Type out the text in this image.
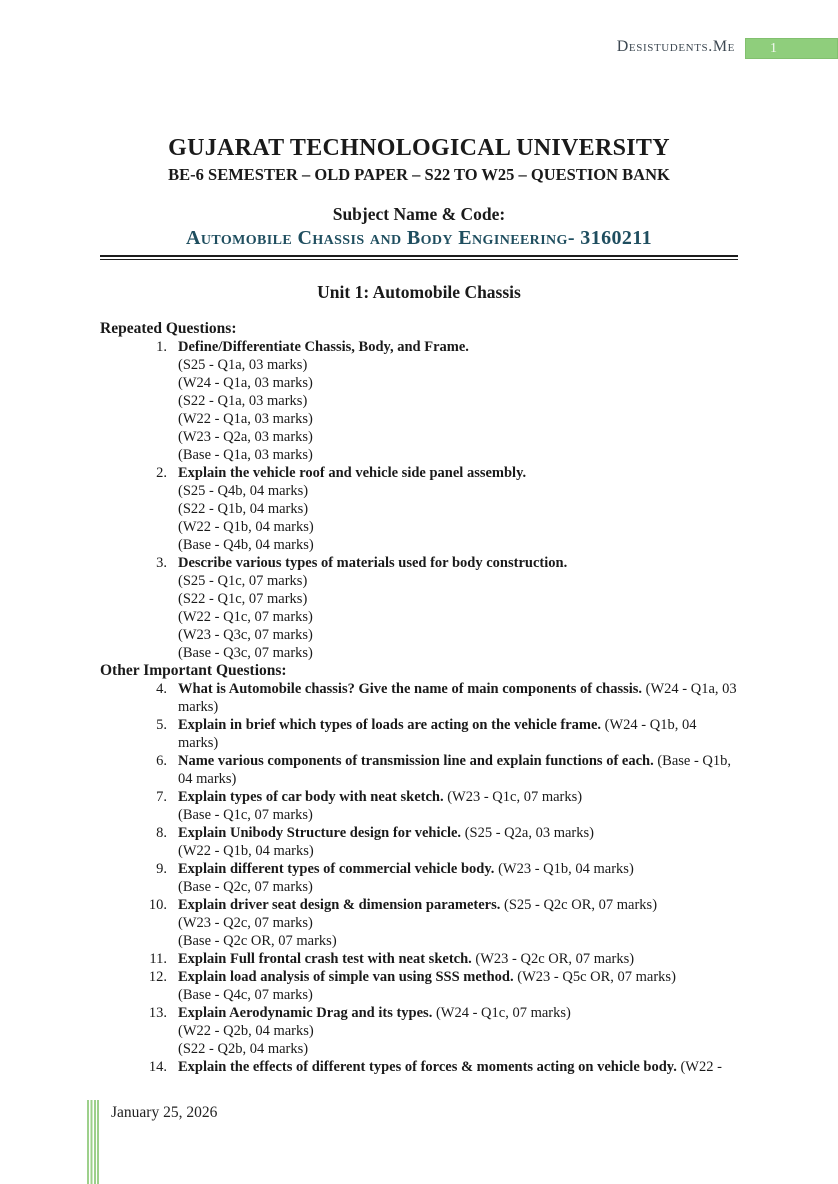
Desistudents.Me	1
GUJARAT TECHNOLOGICAL UNIVERSITY
BE-6 SEMESTER – OLD PAPER – S22 TO W25 – QUESTION BANK
Subject Name & Code:
Automobile Chassis and Body Engineering- 3160211
Unit 1: Automobile Chassis
Repeated Questions:
1. Define/Differentiate Chassis, Body, and Frame.
(S25 - Q1a, 03 marks)
(W24 - Q1a, 03 marks)
(S22 - Q1a, 03 marks)
(W22 - Q1a, 03 marks)
(W23 - Q2a, 03 marks)
(Base - Q1a, 03 marks)
2. Explain the vehicle roof and vehicle side panel assembly.
(S25 - Q4b, 04 marks)
(S22 - Q1b, 04 marks)
(W22 - Q1b, 04 marks)
(Base - Q4b, 04 marks)
3. Describe various types of materials used for body construction.
(S25 - Q1c, 07 marks)
(S22 - Q1c, 07 marks)
(W22 - Q1c, 07 marks)
(W23 - Q3c, 07 marks)
(Base - Q3c, 07 marks)
Other Important Questions:
4. What is Automobile chassis? Give the name of main components of chassis. (W24 - Q1a, 03 marks)
5. Explain in brief which types of loads are acting on the vehicle frame. (W24 - Q1b, 04 marks)
6. Name various components of transmission line and explain functions of each. (Base - Q1b, 04 marks)
7. Explain types of car body with neat sketch. (W23 - Q1c, 07 marks)
(Base - Q1c, 07 marks)
8. Explain Unibody Structure design for vehicle. (S25 - Q2a, 03 marks)
(W22 - Q1b, 04 marks)
9. Explain different types of commercial vehicle body. (W23 - Q1b, 04 marks)
(Base - Q2c, 07 marks)
10. Explain driver seat design & dimension parameters. (S25 - Q2c OR, 07 marks)
(W23 - Q2c, 07 marks)
(Base - Q2c OR, 07 marks)
11. Explain Full frontal crash test with neat sketch. (W23 - Q2c OR, 07 marks)
12. Explain load analysis of simple van using SSS method. (W23 - Q5c OR, 07 marks)
(Base - Q4c, 07 marks)
13. Explain Aerodynamic Drag and its types. (W24 - Q1c, 07 marks)
(W22 - Q2b, 04 marks)
(S22 - Q2b, 04 marks)
14. Explain the effects of different types of forces & moments acting on vehicle body. (W22 -
January 25, 2026
